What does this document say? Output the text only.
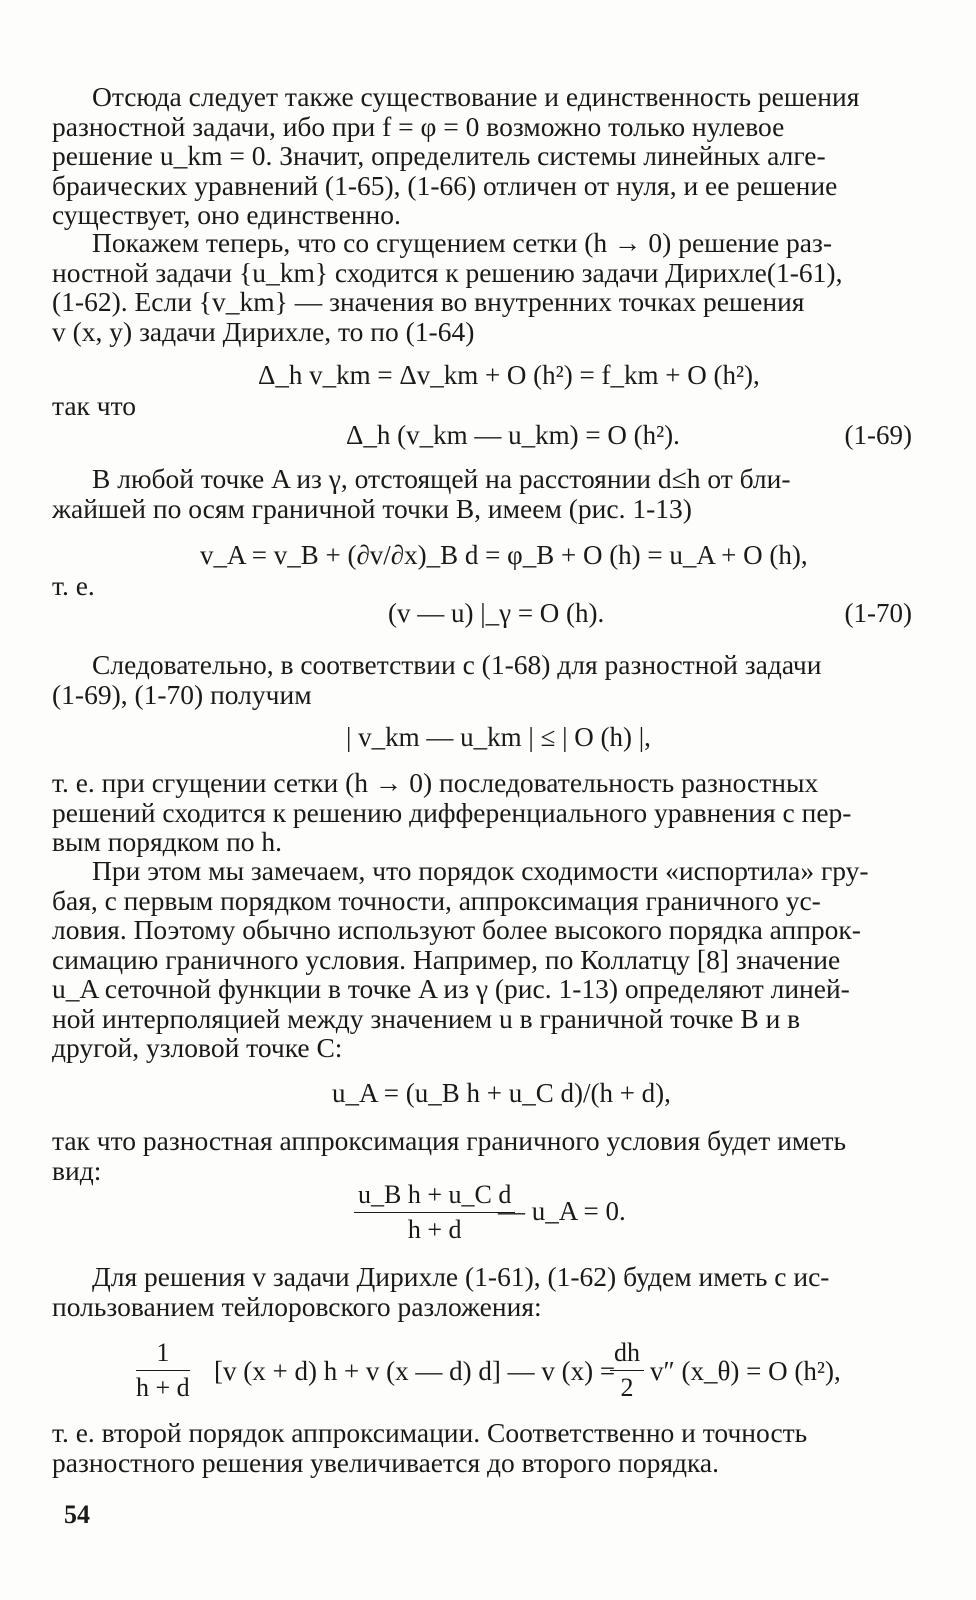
Отсюда следует также существование и единственность решения
разностной задачи, ибо при f = φ = 0 возможно только нулевое
решение u_km = 0. Значит, определитель системы линейных алге-
браических уравнений (1-65), (1-66) отличен от нуля, и ее решение
существует, оно единственно.

Покажем теперь, что со сгущением сетки (h → 0) решение раз-
ностной задачи {u_km} сходится к решению задачи Дирихле(1-61),
(1-62). Если {v_km} — значения во внутренних точках решения
v (x, y) задачи Дирихле, то по (1-64)

Δ_h v_km = Δv_km + O (h²) = f_km + O (h²),
так что
Δ_h (v_km — u_km) = O (h²).	(1-69)

В любой точке A из γ, отстоящей на расстоянии d≤h от бли-
жайшей по осям граничной точки B, имеем (рис. 1-13)

v_A = v_B + (∂v/∂x)_B d = φ_B + O (h) = u_A + O (h),
т. е.
(v — u) |_γ = O (h).	(1-70)

Следовательно, в соответствии с (1-68) для разностной задачи
(1-69), (1-70) получим

| v_km — u_km | ≤ | O (h) |,

т. е. при сгущении сетки (h → 0) последовательность разностных
решений сходится к решению дифференциального уравнения с пер-
вым порядком по h.

При этом мы замечаем, что порядок сходимости «испортила» гру-
бая, с первым порядком точности, аппроксимация граничного ус-
ловия. Поэтому обычно используют более высокого порядка аппрок-
симацию граничного условия. Например, по Коллатцу [8] значение
u_A сеточной функции в точке A из γ (рис. 1-13) определяют линей-
ной интерполяцией между значением u в граничной точке B и в
другой, узловой точке C:

u_A = (u_B h + u_C d)/(h + d),

так что разностная аппроксимация граничного условия будет иметь
вид:

$\frac{\text{u\_B h + u\_C d}}{h + d}$
— u_A = 0.

Для решения v задачи Дирихле (1-61), (1-62) будем иметь с ис-
пользованием тейлоровского разложения:

$\frac{1}{h + d} [v$ (x + d) h + v (x — d) d] — v (x) =
$\frac{dh}{2} v''$ (x_θ) = O (h²),

т. е. второй порядок аппроксимации. Соответственно и точность
разностного решения увеличивается до второго порядка.

54
